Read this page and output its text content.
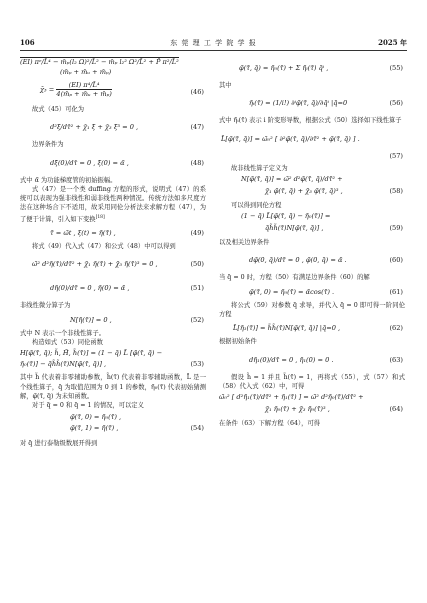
106	东 莞 理 工 学 院 学 报	2025 年
(EI) πᵉ/L̄⁴ − m̄ₚ(l₂ Ω)²/L̄² − m̄ₚ l₂² Ω²/L̄² + P̄ π²/L̄²
(m̄ₚ + m̄ᵤ + m̄ₚ)
χ̄₃ = $\frac{\text{(EI) π⁴/L̄⁴}}{\text{4(m̄ₚ + m̄ᵤ + m̄ₚ)}}$	(46)

故式（45）可化为

d²ξ̄/dτ̄² + χ̄₁ ξ̄ + χ̄₃ ξ̄³ = 0 ,	(47)

边界条件为

dξ̄(0)/dτ̄ = 0 , ξ̄(0) = α̃ ,	(48)

式中 α̃ 为功能梯度管的初始振幅。

式（47）是一个类 duffing 方程的形式，说明式（47）的系统可以表现为强非线性和弱非线性两种情况。传统方法如多尺度方法在这种场合下不适用，故采用同伦分析法来求解方程（47），为了便于计算，引入如下变换[18]

τ̃ = ω̃t , ξ(t) = η̃(τ̃) ,	(49)

将式（49）代入式（47）和公式（48）中可以得到

ω̃² d²η̃(τ̃)/dτ̃² + χ̃₁ η̃(τ̃) + χ̃₃ η̃(τ̃)³ = 0 ,	(50)
dη̃(0)/dτ̃ = 0 , η̃(0) = α̃ ,	(51)

非线性微分算子为

N[η̃(τ̃)] = 0 ,	(52)

式中 N 表示一个非线性算子。

构造如式（53）同伦函数

H[φ̃(τ̃, q̃); h̃, H̃, h̃(τ̃)] = (1 − q̃) L̃ [φ̃(τ̃, q̃) −
η̃₀(τ̃)] − q̃h̃h̃(τ̃)N[φ̃(τ̃, q̃)] ,	(53)

其中 h̃ 代表着非零辅助参数，h̃(τ̃) 代表着非零辅助函数，L̃ 是一个线性算子，q̃ 为取值范围为 0 到 1 的参数，η̃₀(τ̃) 代表初始猜测解，φ̃(τ̃, q̃) 为未知函数。

对于 q̃ = 0 和 q̃ = 1 的情况，可以定义

φ̃(τ̃, 0) = η̃₀(τ̃) ,
φ̃(τ̃, 1) = η̃(τ̃) ,	(54)

对 q̃ 进行泰勒级数展开得到

φ̃(τ̃, q̃) = η̃₀(τ̃) + Σ η̃ᵢ(τ̃) q̃ⁱ ,	(55)

其中

η̃ᵢ(τ̃) = (1/i!) ∂ⁱφ̃(τ̃, q̃)/∂q̃ⁱ |q̃=0	(56)

式中 η̃ᵢ(τ̃) 表示 i 阶变形导数，根据公式（50）选择如下线性算子

L̃[φ̃(τ̃, q̃)] = ω̃₀² [ ∂²φ̃(τ̃, q̃)/∂τ̃² + φ̃(τ̃, q̃) ] .
(57)

故非线性算子定义为

N[φ̃(τ̃, q̃)] = ω̃² d²φ̃(τ̃, q̃)/dτ̃² +
χ̃₁ φ̃(τ̃, q̃) + χ̃₃ φ̃(τ̃, q̃)³ ,	(58)

可以得到同伦方程

(1 − q̃) L̃[φ̃(τ̃, q̃) − η̃₀(τ̃)] =
q̃h̃h̃(τ̃)N[φ̃(τ̃, q̃)] ,	(59)

以及相关边界条件

dφ̃(0, q̃)/dτ̃ = 0 , φ̃(0, q̃) = α̃ .	(60)

当 q̃ = 0 时，方程（50）有满足边界条件（60）的解

φ̃(τ̃, 0) = η̃₀(τ̃) = α̃cos(τ̃) .	(61)

将公式（59）对参数 q̃ 求导，并代入 q̃ = 0 即可得一阶同伦方程

L̃[η̃₁(τ̃)] = h̃h̃(τ̃)N[φ̃(τ̃, q̃)] |q̃=0 ,	(62)

根据初始条件

dη̃₁(0)/dτ̃ = 0 , η̃₁(0) = 0 .	(63)

假设 h̃ = 1 并且 h̃(τ̃) = 1，再将式（55），式（57）和式（58）代入式（62）中，可得

ω̃₀² [ d²η̃₁(τ̃)/dτ̃² + η̃₁(τ̃) ] = ω̃² d²η̃₀(τ̃)/dτ̃² +
χ̃₁ η̃₀(τ̃) + χ̃₃ η̃₀(τ̃)³ ,	(64)

在条件（63）下解方程（64），可得
